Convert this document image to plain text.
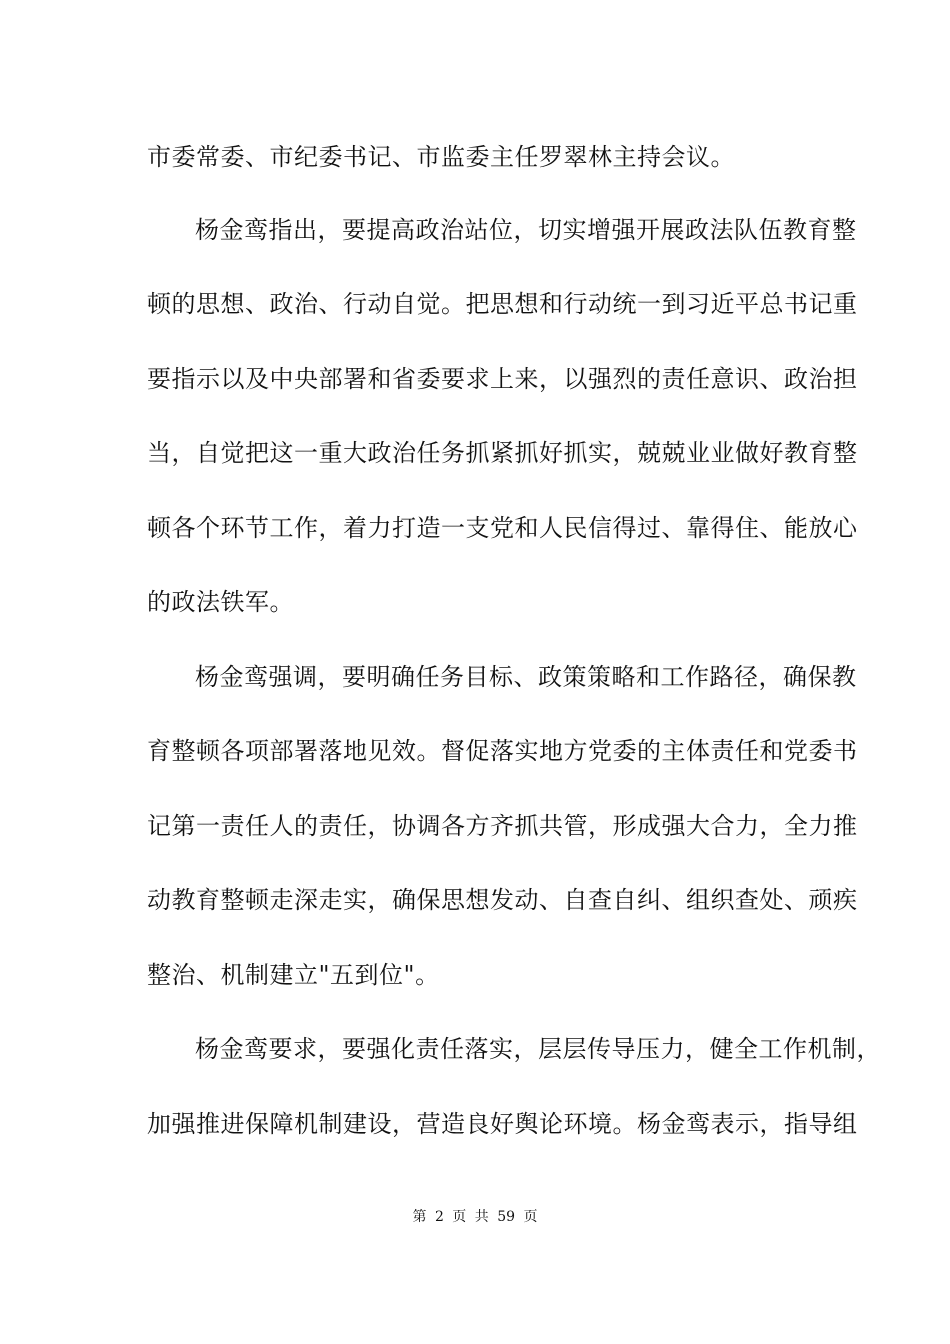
市委常委、市纪委书记、市监委主任罗翠林主持会议。

杨金鸾指出，要提高政治站位，切实增强开展政法队伍教育整

顿的思想、政治、行动自觉。把思想和行动统一到习近平总书记重

要指示以及中央部署和省委要求上来，以强烈的责任意识、政治担

当，自觉把这一重大政治任务抓紧抓好抓实，兢兢业业做好教育整

顿各个环节工作，着力打造一支党和人民信得过、靠得住、能放心

的政法铁军。

杨金鸾强调，要明确任务目标、政策策略和工作路径，确保教

育整顿各项部署落地见效。督促落实地方党委的主体责任和党委书

记第一责任人的责任，协调各方齐抓共管，形成强大合力，全力推

动教育整顿走深走实，确保思想发动、自查自纠、组织查处、顽疾

整治、机制建立"五到位"。

杨金鸾要求，要强化责任落实，层层传导压力，健全工作机制，

加强推进保障机制建设，营造良好舆论环境。杨金鸾表示，指导组

第 2 页 共 59 页
